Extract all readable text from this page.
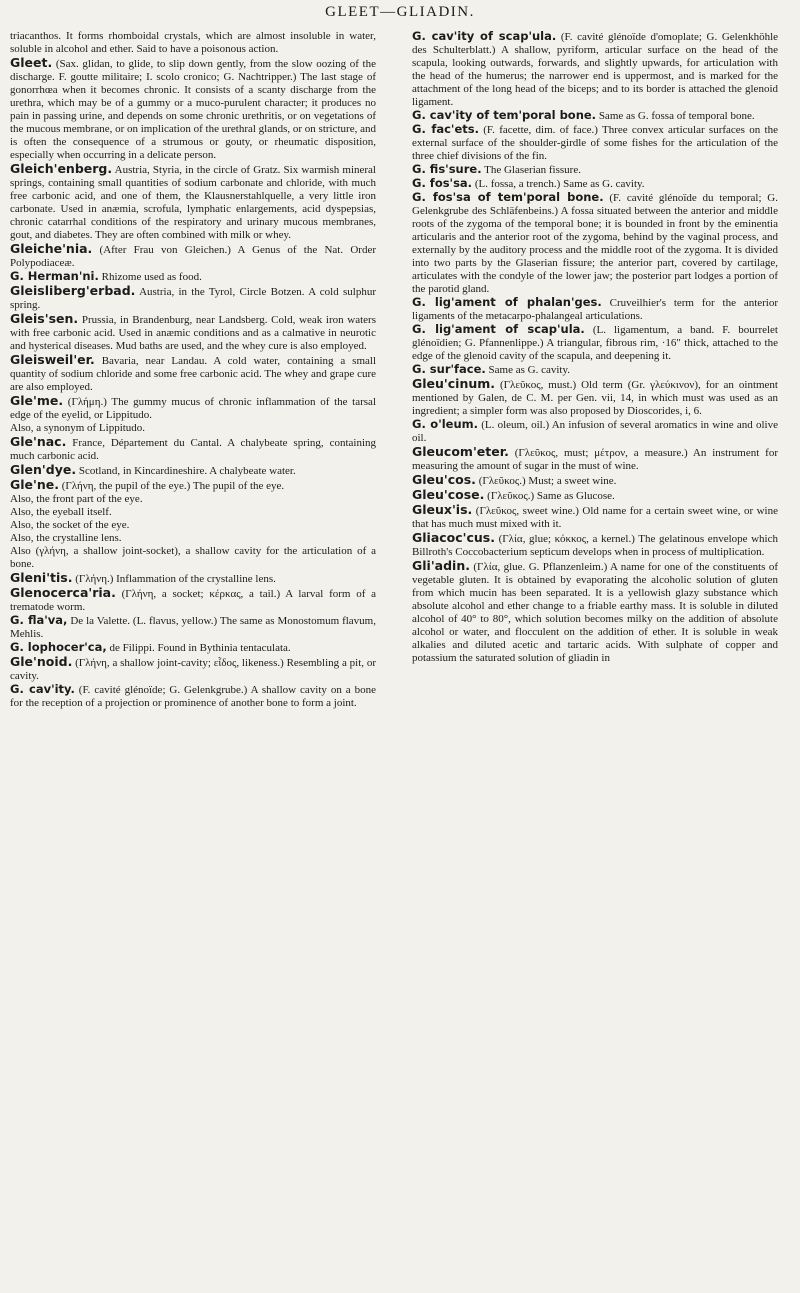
GLEET—GLIADIN.

triacanthos. It forms rhomboidal crystals, which are almost insoluble in water, soluble in alcohol and ether. Said to have a poisonous action.

Gleet. (Sax. glidan, to glide, to slip down gently, from the slow oozing of the discharge. F. goutte militaire; I. scolo cronico; G. Nachtripper.) The last stage of gonorrhœa when it becomes chronic. It consists of a scanty discharge from the urethra, which may be of a gummy or a muco-purulent character; it produces no pain in passing urine, and depends on some chronic urethritis, or on vegetations of the mucous membrane, or on implication of the urethral glands, or on stricture, and is often the consequence of a strumous or gouty, or rheumatic disposition, especially when occurring in a delicate person.

Gleich'enberg. Austria, Styria, in the circle of Gratz. Six warmish mineral springs, containing small quantities of sodium carbonate and chloride, with much free carbonic acid, and one of them, the Klausnerstahlquelle, a very little iron carbonate. Used in anæmia, scrofula, lymphatic enlargements, acid dyspepsias, chronic catarrhal conditions of the respiratory and urinary mucous membranes, gout, and diabetes. They are often combined with milk or whey.

Gleiche'nia. (After Frau von Gleichen.) A Genus of the Nat. Order Polypodiaceæ.

G. Herman'ni. Rhizome used as food.

Gleisliberg'erbad. Austria, in the Tyrol, Circle Botzen. A cold sulphur spring.

Gleis'sen. Prussia, in Brandenburg, near Landsberg. Cold, weak iron waters with free carbonic acid. Used in anæmic conditions and as a calmative in neurotic and hysterical diseases. Mud baths are used, and the whey cure is also employed.

Gleisweil'er. Bavaria, near Landau. A cold water, containing a small quantity of sodium chloride and some free carbonic acid. The whey and grape cure are also employed.

Gle'me. (Γλήμη.) The gummy mucus of chronic inflammation of the tarsal edge of the eyelid, or Lippitudo.

Also, a synonym of Lippitudo.

Gle'nac. France, Département du Cantal. A chalybeate spring, containing much carbonic acid.

Glen'dye. Scotland, in Kincardineshire. A chalybeate water.

Gle'ne. (Γλήνη, the pupil of the eye.) The pupil of the eye.

Also, the front part of the eye.

Also, the eyeball itself.

Also, the socket of the eye.

Also, the crystalline lens.

Also (γλήνη, a shallow joint-socket), a shallow cavity for the articulation of a bone.

Gleni'tis. (Γλήνη.) Inflammation of the crystalline lens.

Glenocerca'ria. (Γλήνη, a socket; κέρκας, a tail.) A larval form of a trematode worm.

G. fla'va, De la Valette. (L. flavus, yellow.) The same as Monostomum flavum, Mehlis.

G. lophocer'ca, de Filippi. Found in Bythinia tentaculata.

Gle'noid. (Γλήνη, a shallow joint-cavity; εἶδος, likeness.) Resembling a pit, or cavity.

G. cav'ity. (F. cavité glénoïde; G. Gelenkgrube.) A shallow cavity on a bone for the reception of a projection or prominence of another bone to form a joint.

G. cav'ity of scap'ula. (F. cavité glénoïde d'omoplate; G. Gelenkhöhle des Schulterblatt.) A shallow, pyriform, articular surface on the head of the scapula, looking outwards, forwards, and slightly upwards, for articulation with the head of the humerus; the narrower end is uppermost, and is marked for the attachment of the long head of the biceps; and to its border is attached the glenoid ligament.

G. cav'ity of tem'poral bone. Same as G. fossa of temporal bone.

G. fac'ets. (F. facette, dim. of face.) Three convex articular surfaces on the external surface of the shoulder-girdle of some fishes for the articulation of the three chief divisions of the fin.

G. fis'sure. The Glaserian fissure.

G. fos'sa. (L. fossa, a trench.) Same as G. cavity.

G. fos'sa of tem'poral bone. (F. cavité glénoïde du temporal; G. Gelenkgrube des Schläfenbeins.) A fossa situated between the anterior and middle roots of the zygoma of the temporal bone; it is bounded in front by the eminentia articularis and the anterior root of the zygoma, behind by the vaginal process, and externally by the auditory process and the middle root of the zygoma. It is divided into two parts by the Glaserian fissure; the anterior part, covered by cartilage, articulates with the condyle of the lower jaw; the posterior part lodges a portion of the parotid gland.

G. lig'ament of phalan'ges. Cruveilhier's term for the anterior ligaments of the metacarpo-phalangeal articulations.

G. lig'ament of scap'ula. (L. ligamentum, a band. F. bourrelet glénoïdien; G. Pfannenlippe.) A triangular, fibrous rim, ·16" thick, attached to the edge of the glenoid cavity of the scapula, and deepening it.

G. sur'face. Same as G. cavity.

Gleu'cinum. (Γλεῦκος, must.) Old term (Gr. γλεύκινον), for an ointment mentioned by Galen, de C. M. per Gen. vii, 14, in which must was used as an ingredient; a simpler form was also proposed by Dioscorides, i, 6.

G. o'leum. (L. oleum, oil.) An infusion of several aromatics in wine and olive oil.

Gleucom'eter. (Γλεῦκος, must; μέτρον, a measure.) An instrument for measuring the amount of sugar in the must of wine.

Gleu'cos. (Γλεῦκος.) Must; a sweet wine.

Gleu'cose. (Γλεῦκος.) Same as Glucose.

Gleux'is. (Γλεῦκος, sweet wine.) Old name for a certain sweet wine, or wine that has much must mixed with it.

Gliacoc'cus. (Γλία, glue; κόκκος, a kernel.) The gelatinous envelope which Billroth's Coccobacterium septicum develops when in process of multiplication.

Gli'adin. (Γλία, glue. G. Pflanzenleim.) A name for one of the constituents of vegetable gluten. It is obtained by evaporating the alcoholic solution of gluten from which mucin has been separated. It is a yellowish glazy substance which absolute alcohol and ether change to a friable earthy mass. It is soluble in diluted alcohol of 40° to 80°, which solution becomes milky on the addition of absolute alcohol or water, and flocculent on the addition of ether. It is soluble in weak alkalies and diluted acetic and tartaric acids. With sulphate of copper and potassium the saturated solution of gliadin in
